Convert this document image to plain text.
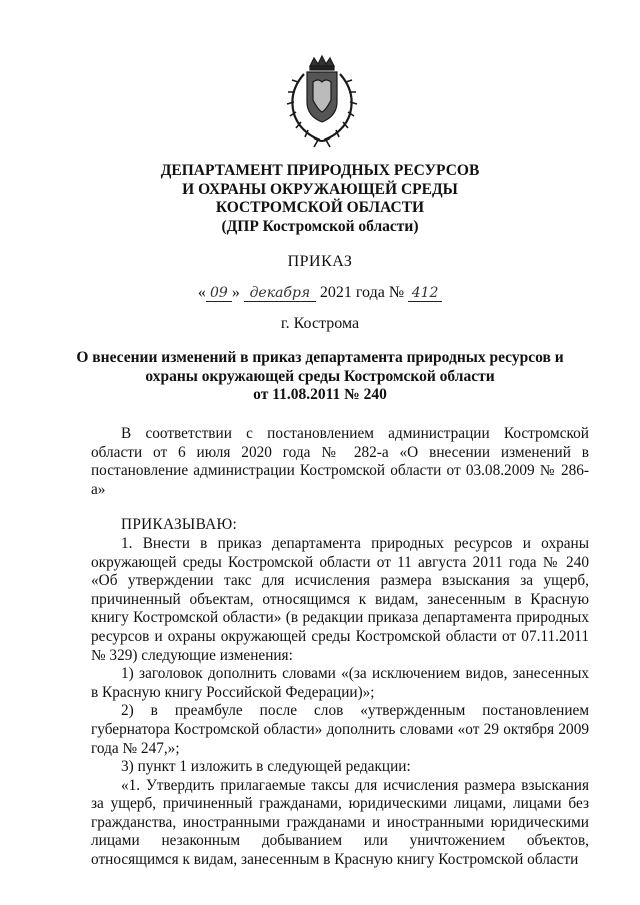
ДЕПАРТАМЕНТ ПРИРОДНЫХ РЕСУРСОВ
И ОХРАНЫ ОКРУЖАЮЩЕЙ СРЕДЫ
КОСТРОМСКОЙ ОБЛАСТИ
(ДПР Костромской области)
ПРИКАЗ
« 09 » декабря 2021 года № 412
г. Кострома
О внесении изменений в приказ департамента природных ресурсов и
охраны окружающей среды Костромской области
от 11.08.2011 № 240
В соответствии с постановлением администрации Костромской области от 6 июля 2020 года № 282-а «О внесении изменений в постановление администрации Костромской области от 03.08.2009 № 286-а»
ПРИКАЗЫВАЮ:
1. Внести в приказ департамента природных ресурсов и охраны окружающей среды Костромской области от 11 августа 2011 года № 240 «Об утверждении такс для исчисления размера взыскания за ущерб, причиненный объектам, относящимся к видам, занесенным в Красную книгу Костромской области» (в редакции приказа департамента природных ресурсов и охраны окружающей среды Костромской области от 07.11.2011 № 329) следующие изменения:
1) заголовок дополнить словами «(за исключением видов, занесенных в Красную книгу Российской Федерации)»;
2) в преамбуле после слов «утвержденным постановлением губернатора Костромской области» дополнить словами «от 29 октября 2009 года № 247,»;
3) пункт 1 изложить в следующей редакции:
«1. Утвердить прилагаемые таксы для исчисления размера взыскания за ущерб, причиненный гражданами, юридическими лицами, лицами без гражданства, иностранными гражданами и иностранными юридическими лицами незаконным добыванием или уничтожением объектов, относящимся к видам, занесенным в Красную книгу Костромской области
